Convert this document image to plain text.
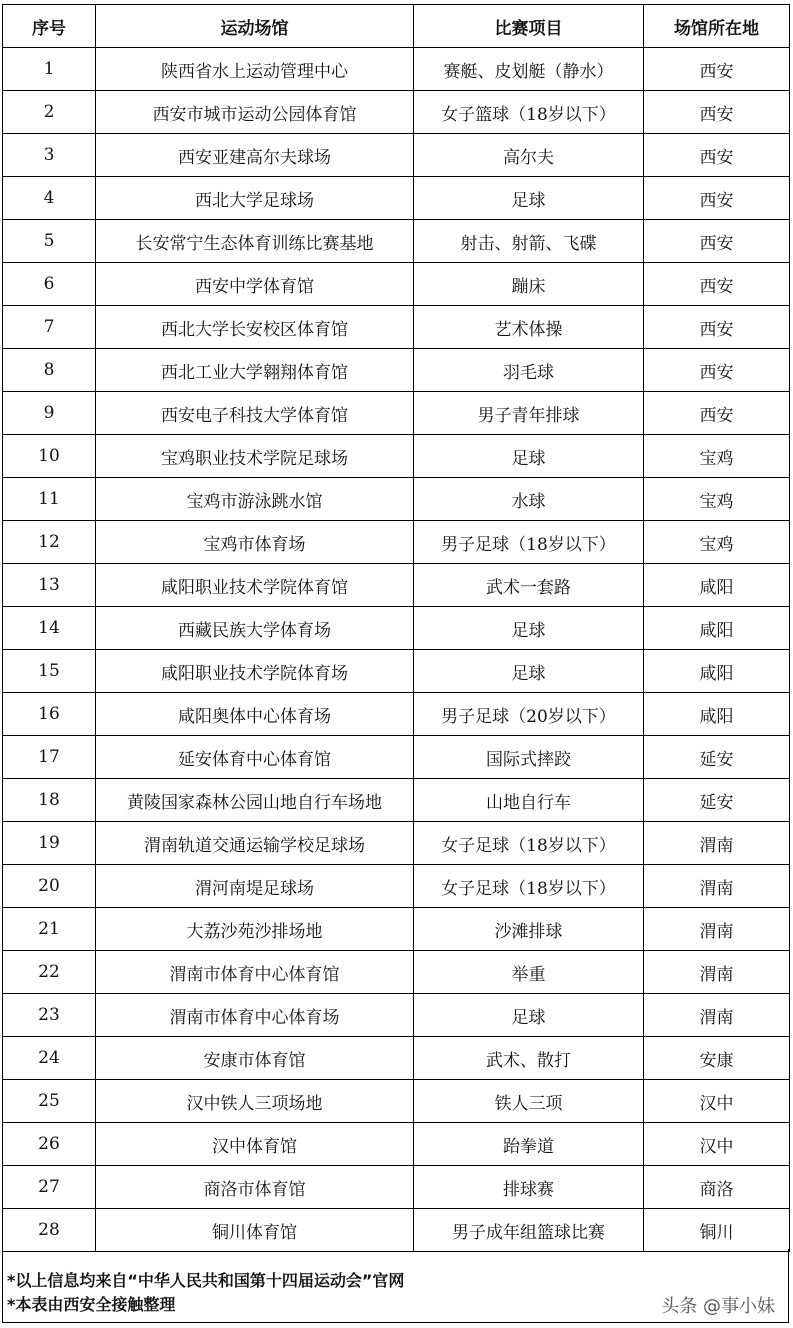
序号	运动场馆	比赛项目	场馆所在地
1	陕西省水上运动管理中心	赛艇、皮划艇（静水）	西安
2	西安市城市运动公园体育馆	女子篮球（18岁以下）	西安
3	西安亚建高尔夫球场	高尔夫	西安
4	西北大学足球场	足球	西安
5	长安常宁生态体育训练比赛基地	射击、射箭、飞碟	西安
6	西安中学体育馆	蹦床	西安
7	西北大学长安校区体育馆	艺术体操	西安
8	西北工业大学翱翔体育馆	羽毛球	西安
9	西安电子科技大学体育馆	男子青年排球	西安
10	宝鸡职业技术学院足球场	足球	宝鸡
11	宝鸡市游泳跳水馆	水球	宝鸡
12	宝鸡市体育场	男子足球（18岁以下）	宝鸡
13	咸阳职业技术学院体育馆	武术一套路	咸阳
14	西藏民族大学体育场	足球	咸阳
15	咸阳职业技术学院体育场	足球	咸阳
16	咸阳奥体中心体育场	男子足球（20岁以下）	咸阳
17	延安体育中心体育馆	国际式摔跤	延安
18	黄陵国家森林公园山地自行车场地	山地自行车	延安
19	渭南轨道交通运输学校足球场	女子足球（18岁以下）	渭南
20	渭河南堤足球场	女子足球（18岁以下）	渭南
21	大荔沙苑沙排场地	沙滩排球	渭南
22	渭南市体育中心体育馆	举重	渭南
23	渭南市体育中心体育场	足球	渭南
24	安康市体育馆	武术、散打	安康
25	汉中铁人三项场地	铁人三项	汉中
26	汉中体育馆	跆拳道	汉中
27	商洛市体育馆	排球赛	商洛
28	铜川体育馆	男子成年组篮球比赛	铜川
*以上信息均来自“中华人民共和国第十四届运动会”官网
*本表由西安全接触整理	头条 @事小妹
